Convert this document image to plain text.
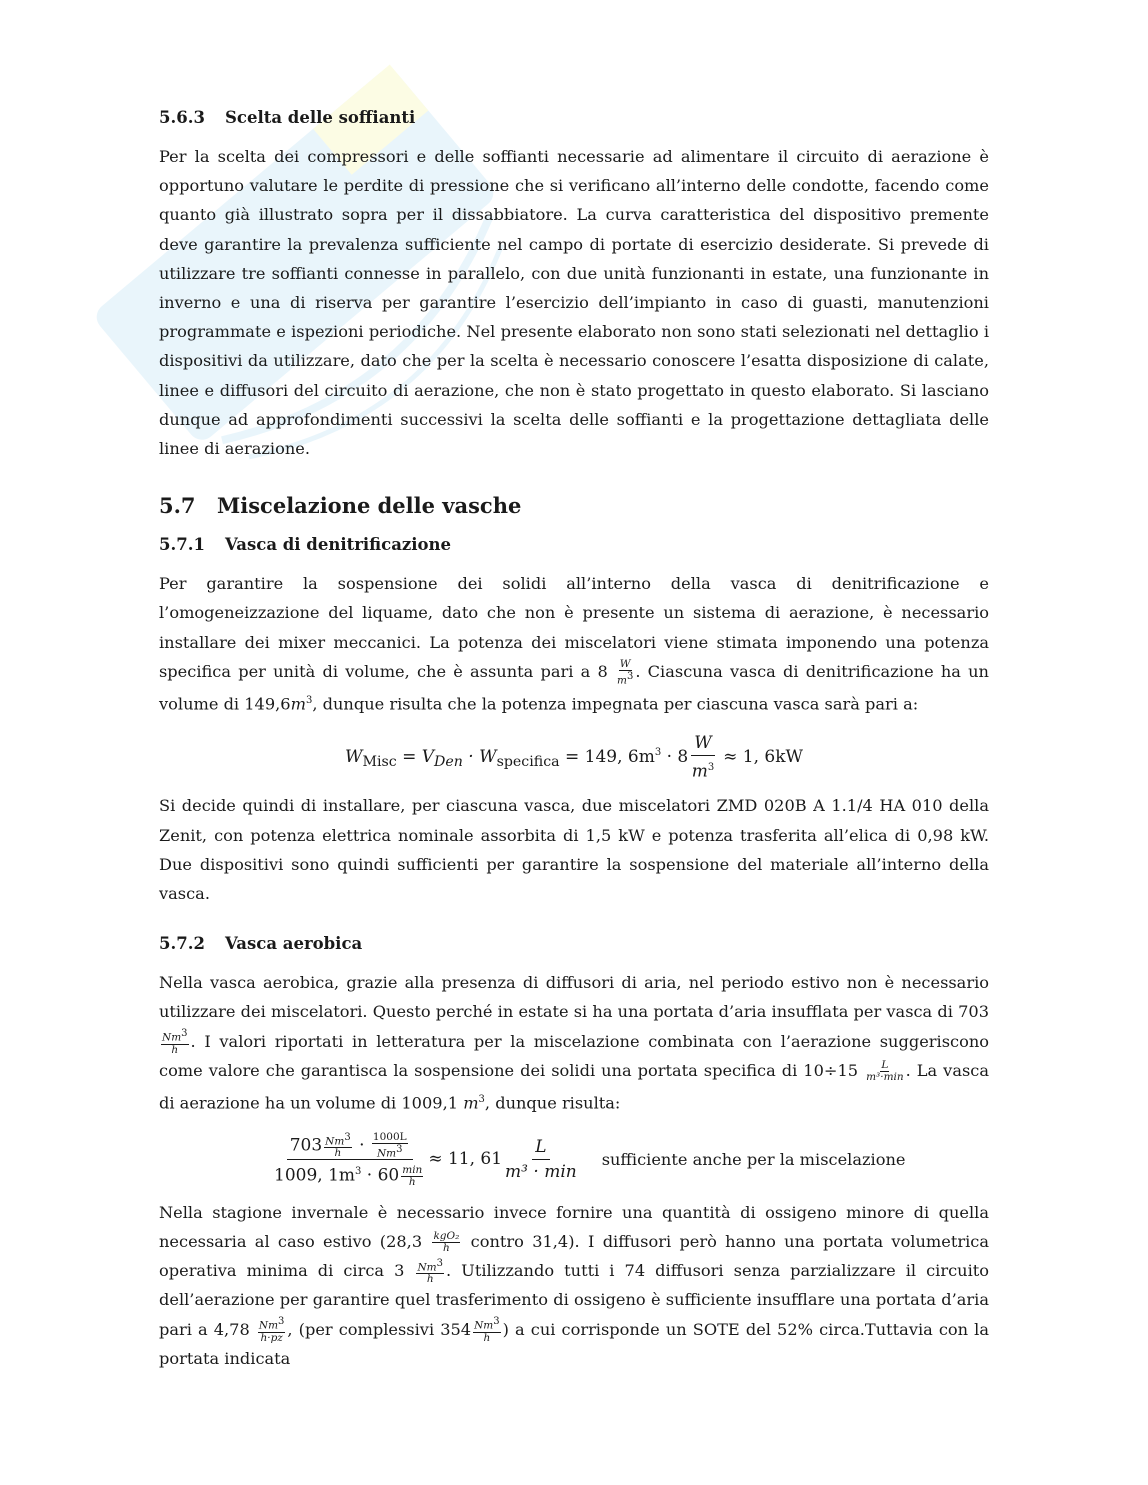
5.6.3 Scelta delle soffianti

Per la scelta dei compressori e delle soffianti necessarie ad alimentare il circuito di aerazione è opportuno valutare le perdite di pressione che si verificano all’interno delle condotte, facendo come quanto già illustrato sopra per il dissabbiatore. La curva caratteristica del dispositivo premente deve garantire la prevalenza sufficiente nel campo di portate di esercizio desiderate. Si prevede di utilizzare tre soffianti connesse in parallelo, con due unità funzionanti in estate, una funzionante in inverno e una di riserva per garantire l’esercizio dell’impianto in caso di guasti, manutenzioni programmate e ispezioni periodiche. Nel presente elaborato non sono stati selezionati nel dettaglio i dispositivi da utilizzare, dato che per la scelta è necessario conoscere l’esatta disposizione di calate, linee e diffusori del circuito di aerazione, che non è stato progettato in questo elaborato. Si lasciano dunque ad approfondimenti successivi la scelta delle soffianti e la progettazione dettagliata delle linee di aerazione.

5.7 Miscelazione delle vasche
5.7.1 Vasca di denitrificazione

Per garantire la sospensione dei solidi all’interno della vasca di denitrificazione e l’omogeneizzazione del liquame, dato che non è presente un sistema di aerazione, è necessario installare dei mixer meccanici. La potenza dei miscelatori viene stimata imponendo una potenza specifica per unità di volume, che è assunta pari a $8 \frac{W}{m^3}$ . Ciascuna vasca di denitrificazione ha un volume di $149,6m^3$, dunque risulta che la potenza impegnata per ciascuna vasca sarà pari a:

$W_{Misc} = V_{Den} \cdot W_{specifica} = 149$, $6m^3 \cdot 8 \frac{W}{m^3} \approx 1$, 6kW

Si decide quindi di installare, per ciascuna vasca, due miscelatori ZMD 020B A 1.1/4 HA 010 della Zenit, con potenza elettrica nominale assorbita di 1,5 kW e potenza trasferita all’elica di 0,98 kW. Due dispositivi sono quindi sufficienti per garantire la sospensione del materiale all’interno della vasca.

5.7.2 Vasca aerobica

Nella vasca aerobica, grazie alla presenza di diffusori di aria, nel periodo estivo non è necessario utilizzare dei miscelatori. Questo perché in estate si ha una portata d’aria insufflata per vasca di 703
$\frac{Nm^3}{h}$ . I valori riportati in letteratura per la miscelazione combinata con l’aerazione suggeriscono come valore che garantisca la sospensione dei solidi una portata specifica di $10\div 15 \frac{L}{\text{m³·min}}$ . La vasca di aerazione ha un volume di 1009,1 $m^3$, dunque risulta:

$703 \frac{Nm^3}{h} \cdot \frac{1000L}{Nm^3}$
1009, $1m^3 \cdot 60 \frac{\min}{h}$
≈ 11, 61
L
m³ · min
sufficiente anche per la miscelazione

Nella stagione invernale è necessario invece fornire una quantità di ossigeno minore di quella necessaria al caso estivo ($28,3 \frac{\text{kgO₂}}{h}$ contro 31,4). I diffusori però hanno una portata volumetrica operativa minima di circa $3 \frac{Nm^3}{h}$ . Utilizzando tutti i 74 diffusori senza parzializzare il circuito dell’aerazione per garantire quel trasferimento di ossigeno è sufficiente insufflare una portata d’aria pari a $4,78 \frac{Nm^3}{h\cdot pz}$ , (per complessivi $354 \frac{Nm^3}{h}$ ) a cui corrisponde un SOTE del 52% circa.Tuttavia con la portata indicata
